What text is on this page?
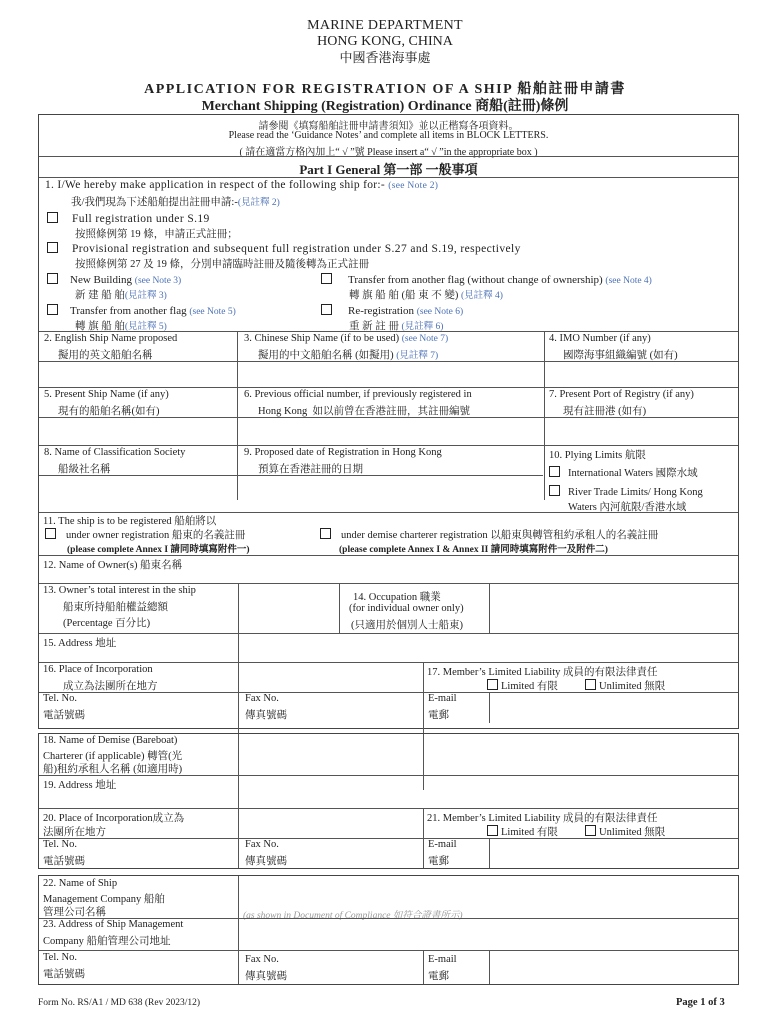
MARINE DEPARTMENT
HONG KONG, CHINA
中國香港海事處
APPLICATION FOR REGISTRATION OF A SHIP 船舶註冊申請書
Merchant Shipping (Registration) Ordinance 商船(註冊)條例
請參閱《填寫船舶註冊申請書須知》並以正楷寫各項資料。
Please read the ‘Guidance Notes’ and complete all items in BLOCK LETTERS.
( 請在適當方格內加上“ √ ”號 Please insert a“ √ ”in the appropriate box )
Part I General 第一部 一般事項
1. I/We hereby make application in respect of the following ship for:- (see Note 2)
我/我們現為下述船舶提出註冊申請:-(見註釋 2)
Full registration under S.19
按照條例第 19 條，申請正式註冊；
Provisional registration and subsequent full registration under S.27 and S.19, respectively
按照條例第 27 及 19 條，分別申請臨時註冊及隨後轉為正式註冊
New Building (see Note 3)
新 建 船 舶(見註釋 3)
Transfer from another flag (without change of ownership) (see Note 4)
轉 旗 船 舶 (船 東 不 變) (見註釋 4)
Transfer from another flag (see Note 5)
轉 旗 船 舶(見註釋 5)
Re-registration (see Note 6)
重 新 註 冊 (見註釋 6)
2. English Ship Name proposed
擬用的英文船舶名稱
3. Chinese Ship Name (if to be used) (see Note 7)
擬用的中文船舶名稱 (如擬用) (見註釋 7)
4. IMO Number (if any)
國際海事組織編號 (如有)
5. Present Ship Name (if any)
現有的船舶名稱(如有)
6. Previous official number, if previously registered in
Hong Kong 如以前曾在香港註冊，其註冊編號
7. Present Port of Registry (if any)
現有註冊港 (如有)
8. Name of Classification Society
船級社名稱
9. Proposed date of Registration in Hong Kong
預算在香港註冊的日期
10. Plying Limits 航限
International Waters 國際水域
River Trade Limits/ Hong Kong
Waters 內河航限/香港水域
11. The ship is to be registered 船舶將以
under owner registration 船東的名義註冊
(please complete Annex I 請同時填寫附件一)
under demise charterer registration 以船東與轉管租約承租人的名義註冊
(please complete Annex I & Annex II 請同時填寫附件一及附件二)
12. Name of Owner(s) 船東名稱
13. Owner’s total interest in the ship
船東所持船舶權益總額
(Percentage 百分比)
14. Occupation 職業
(for individual owner only)
(只適用於個別人士船東)
15. Address 地址
16. Place of Incorporation
成立為法團所在地方
17. Member’s Limited Liability 成員的有限法律責任
Limited 有限	Unlimited 無限
Tel. No.
電話號碼
Fax No.
傳真號碼
E-mail
電郵
18. Name of Demise (Bareboat)
Charterer (if applicable) 轉管(光
船)租約承租人名稱 (如適用時)
19. Address 地址
20. Place of Incorporation成立為
法團所在地方
21. Member’s Limited Liability 成員的有限法律責任
Limited 有限	Unlimited 無限
Tel. No.
電話號碼
Fax No.
傳真號碼
E-mail
電郵
22. Name of Ship
Management Company 船舶
管理公司名稱	(as shown in Document of Compliance 如符合證書所示)
23. Address of Ship Management
Company 船舶管理公司地址
Tel. No.
電話號碼
Fax No.
傳真號碼
E-mail
電郵
Form No. RS/A1 / MD 638 (Rev 2023/12)	Page 1 of 3
